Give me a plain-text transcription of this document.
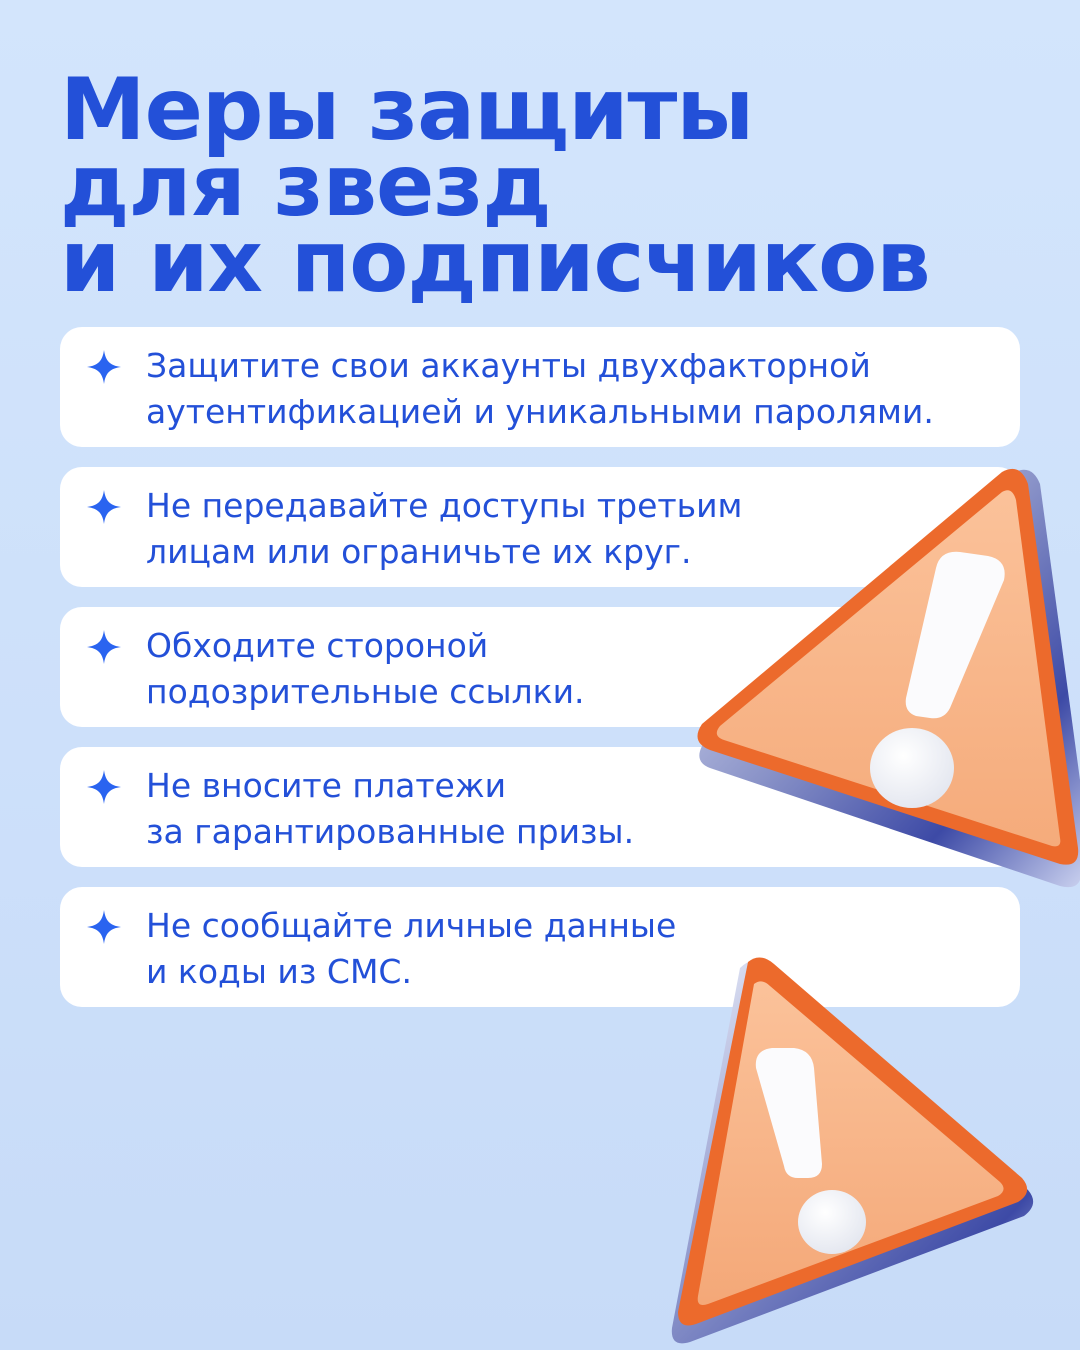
Меры защиты
для звезд
и их подписчиков
Защитите свои аккаунты двухфакторной
аутентификацией и уникальными паролями.
Не передавайте доступы третьим
лицам или ограничьте их круг.
Обходите стороной
подозрительные ссылки.
Не вносите платежи
за гарантированные призы.
Не сообщайте личные данные
и коды из СМС.
